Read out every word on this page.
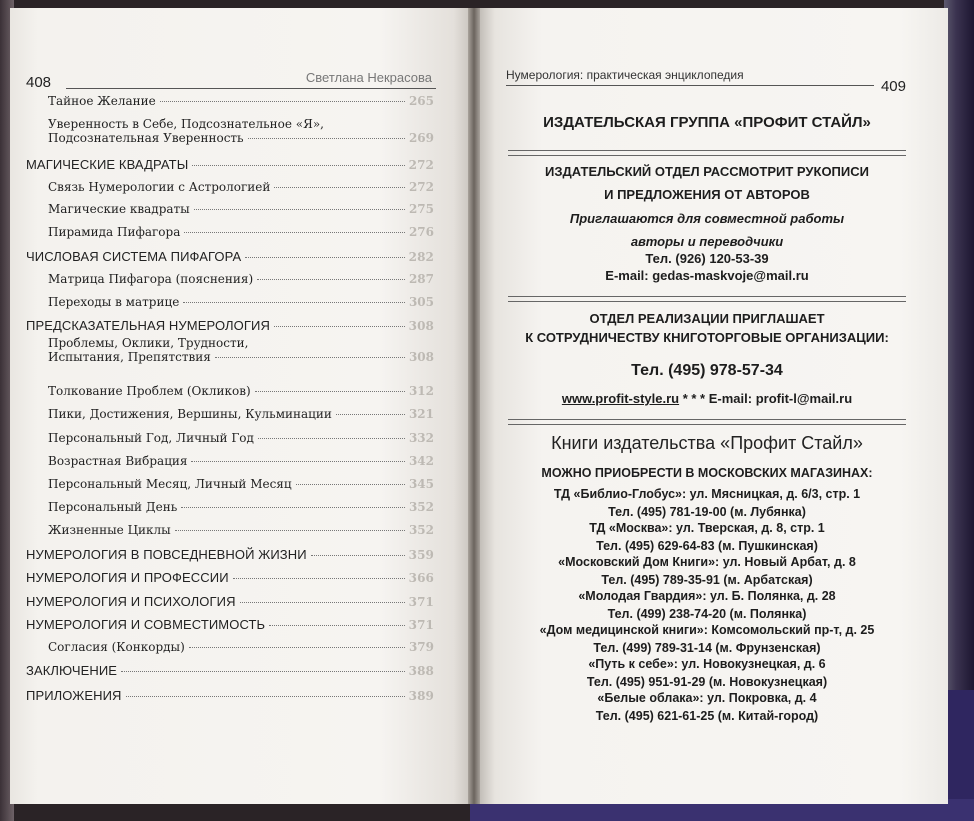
408	Светлана Некрасова
Тайное Желание	265
Уверенность в Себе, Подсознательное «Я»,
Подсознательная Уверенность	269
МАГИЧЕСКИЕ КВАДРАТЫ	272
Связь Нумерологии с Астрологией	272
Магические квадраты	275
Пирамида Пифагора	276
ЧИСЛОВАЯ СИСТЕМА ПИФАГОРА	282
Матрица Пифагора (пояснения)	287
Переходы в матрице	305
ПРЕДСКАЗАТЕЛЬНАЯ НУМЕРОЛОГИЯ	308
Проблемы, Оклики, Трудности,
Испытания, Препятствия	308
Толкование Проблем (Окликов)	312
Пики, Достижения, Вершины, Кульминации	321
Персональный Год, Личный Год	332
Возрастная Вибрация	342
Персональный Месяц, Личный Месяц	345
Персональный День	352
Жизненные Циклы	352
НУМЕРОЛОГИЯ В ПОВСЕДНЕВНОЙ ЖИЗНИ	359
НУМЕРОЛОГИЯ И ПРОФЕССИИ	366
НУМЕРОЛОГИЯ И ПСИХОЛОГИЯ	371
НУМЕРОЛОГИЯ И СОВМЕСТИМОСТЬ	371
Согласия (Конкорды)	379
ЗАКЛЮЧЕНИЕ	388
ПРИЛОЖЕНИЯ	389
Нумерология: практическая энциклопедия
409
ИЗДАТЕЛЬСКАЯ ГРУППА «ПРОФИТ СТАЙЛ»
ИЗДАТЕЛЬСКИЙ ОТДЕЛ РАССМОТРИТ РУКОПИСИ
И ПРЕДЛОЖЕНИЯ ОТ АВТОРОВ
Приглашаются для совместной работы
авторы и переводчики
Тел. (926) 120-53-39
E-mail: gedas-maskvoje@mail.ru
ОТДЕЛ РЕАЛИЗАЦИИ ПРИГЛАШАЕТ
К СОТРУДНИЧЕСТВУ КНИГОТОРГОВЫЕ ОРГАНИЗАЦИИ:
Тел. (495) 978-57-34
www.profit-style.ru * * * E-mail: profit-l@mail.ru
Книги издательства «Профит Стайл»
МОЖНО ПРИОБРЕСТИ В МОСКОВСКИХ МАГАЗИНАХ:
ТД «Библио-Глобус»: ул. Мясницкая, д. 6/3, стр. 1
Тел. (495) 781-19-00 (м. Лубянка)
ТД «Москва»: ул. Тверская, д. 8, стр. 1
Тел. (495) 629-64-83 (м. Пушкинская)
«Московский Дом Книги»: ул. Новый Арбат, д. 8
Тел. (495) 789-35-91 (м. Арбатская)
«Молодая Гвардия»: ул. Б. Полянка, д. 28
Тел. (499) 238-74-20 (м. Полянка)
«Дом медицинской книги»: Комсомольский пр-т, д. 25
Тел. (499) 789-31-14 (м. Фрунзенская)
«Путь к себе»: ул. Новокузнецкая, д. 6
Тел. (495) 951-91-29 (м. Новокузнецкая)
«Белые облака»: ул. Покровка, д. 4
Тел. (495) 621-61-25 (м. Китай-город)
